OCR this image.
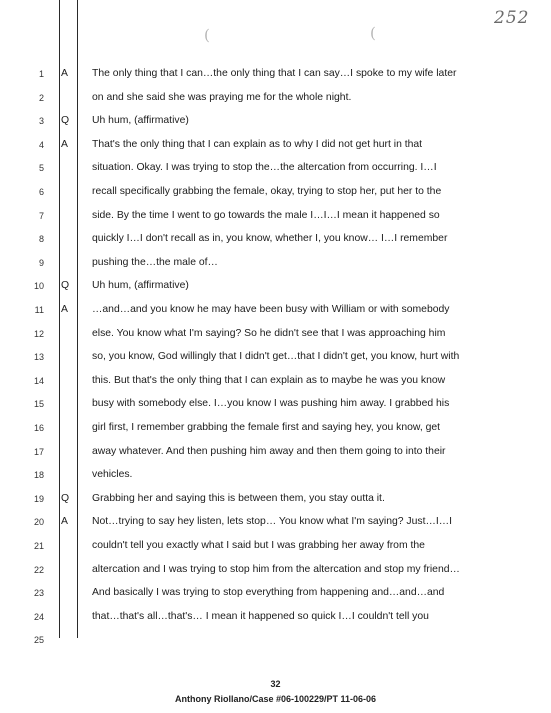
252
(	(
1 A	The only thing that I can…the only thing that I can say…I spoke to my wife later
2	on and she said she was praying me for the whole night.
3 Q	Uh hum, (affirmative)
4 A	That's the only thing that I can explain as to why I did not get hurt in that
5	situation. Okay. I was trying to stop the…the altercation from occurring. I…I
6	recall specifically grabbing the female, okay, trying to stop her, put her to the
7	side. By the time I went to go towards the male I…I…I mean it happened so
8	quickly I…I don't recall as in, you know, whether I, you know… I…I remember
9	pushing the…the male of…
10 Q	Uh hum, (affirmative)
11 A	…and…and you know he may have been busy with William or with somebody
12	else. You know what I'm saying? So he didn't see that I was approaching him
13	so, you know, God willingly that I didn't get…that I didn't get, you know, hurt with
14	this. But that's the only thing that I can explain as to maybe he was you know
15	busy with somebody else. I…you know I was pushing him away. I grabbed his
16	girl first, I remember grabbing the female first and saying hey, you know, get
17	away whatever. And then pushing him away and then them going to into their
18	vehicles.
19 Q	Grabbing her and saying this is between them, you stay outta it.
20 A	Not…trying to say hey listen, lets stop… You know what I'm saying? Just…I…I
21	couldn't tell you exactly what I said but I was grabbing her away from the
22	altercation and I was trying to stop him from the altercation and stop my friend…
23	And basically I was trying to stop everything from happening and…and…and
24	that…that's all…that's… I mean it happened so quick I…I couldn't tell you
25
32
Anthony Riollano/Case #06-100229/PT 11-06-06
